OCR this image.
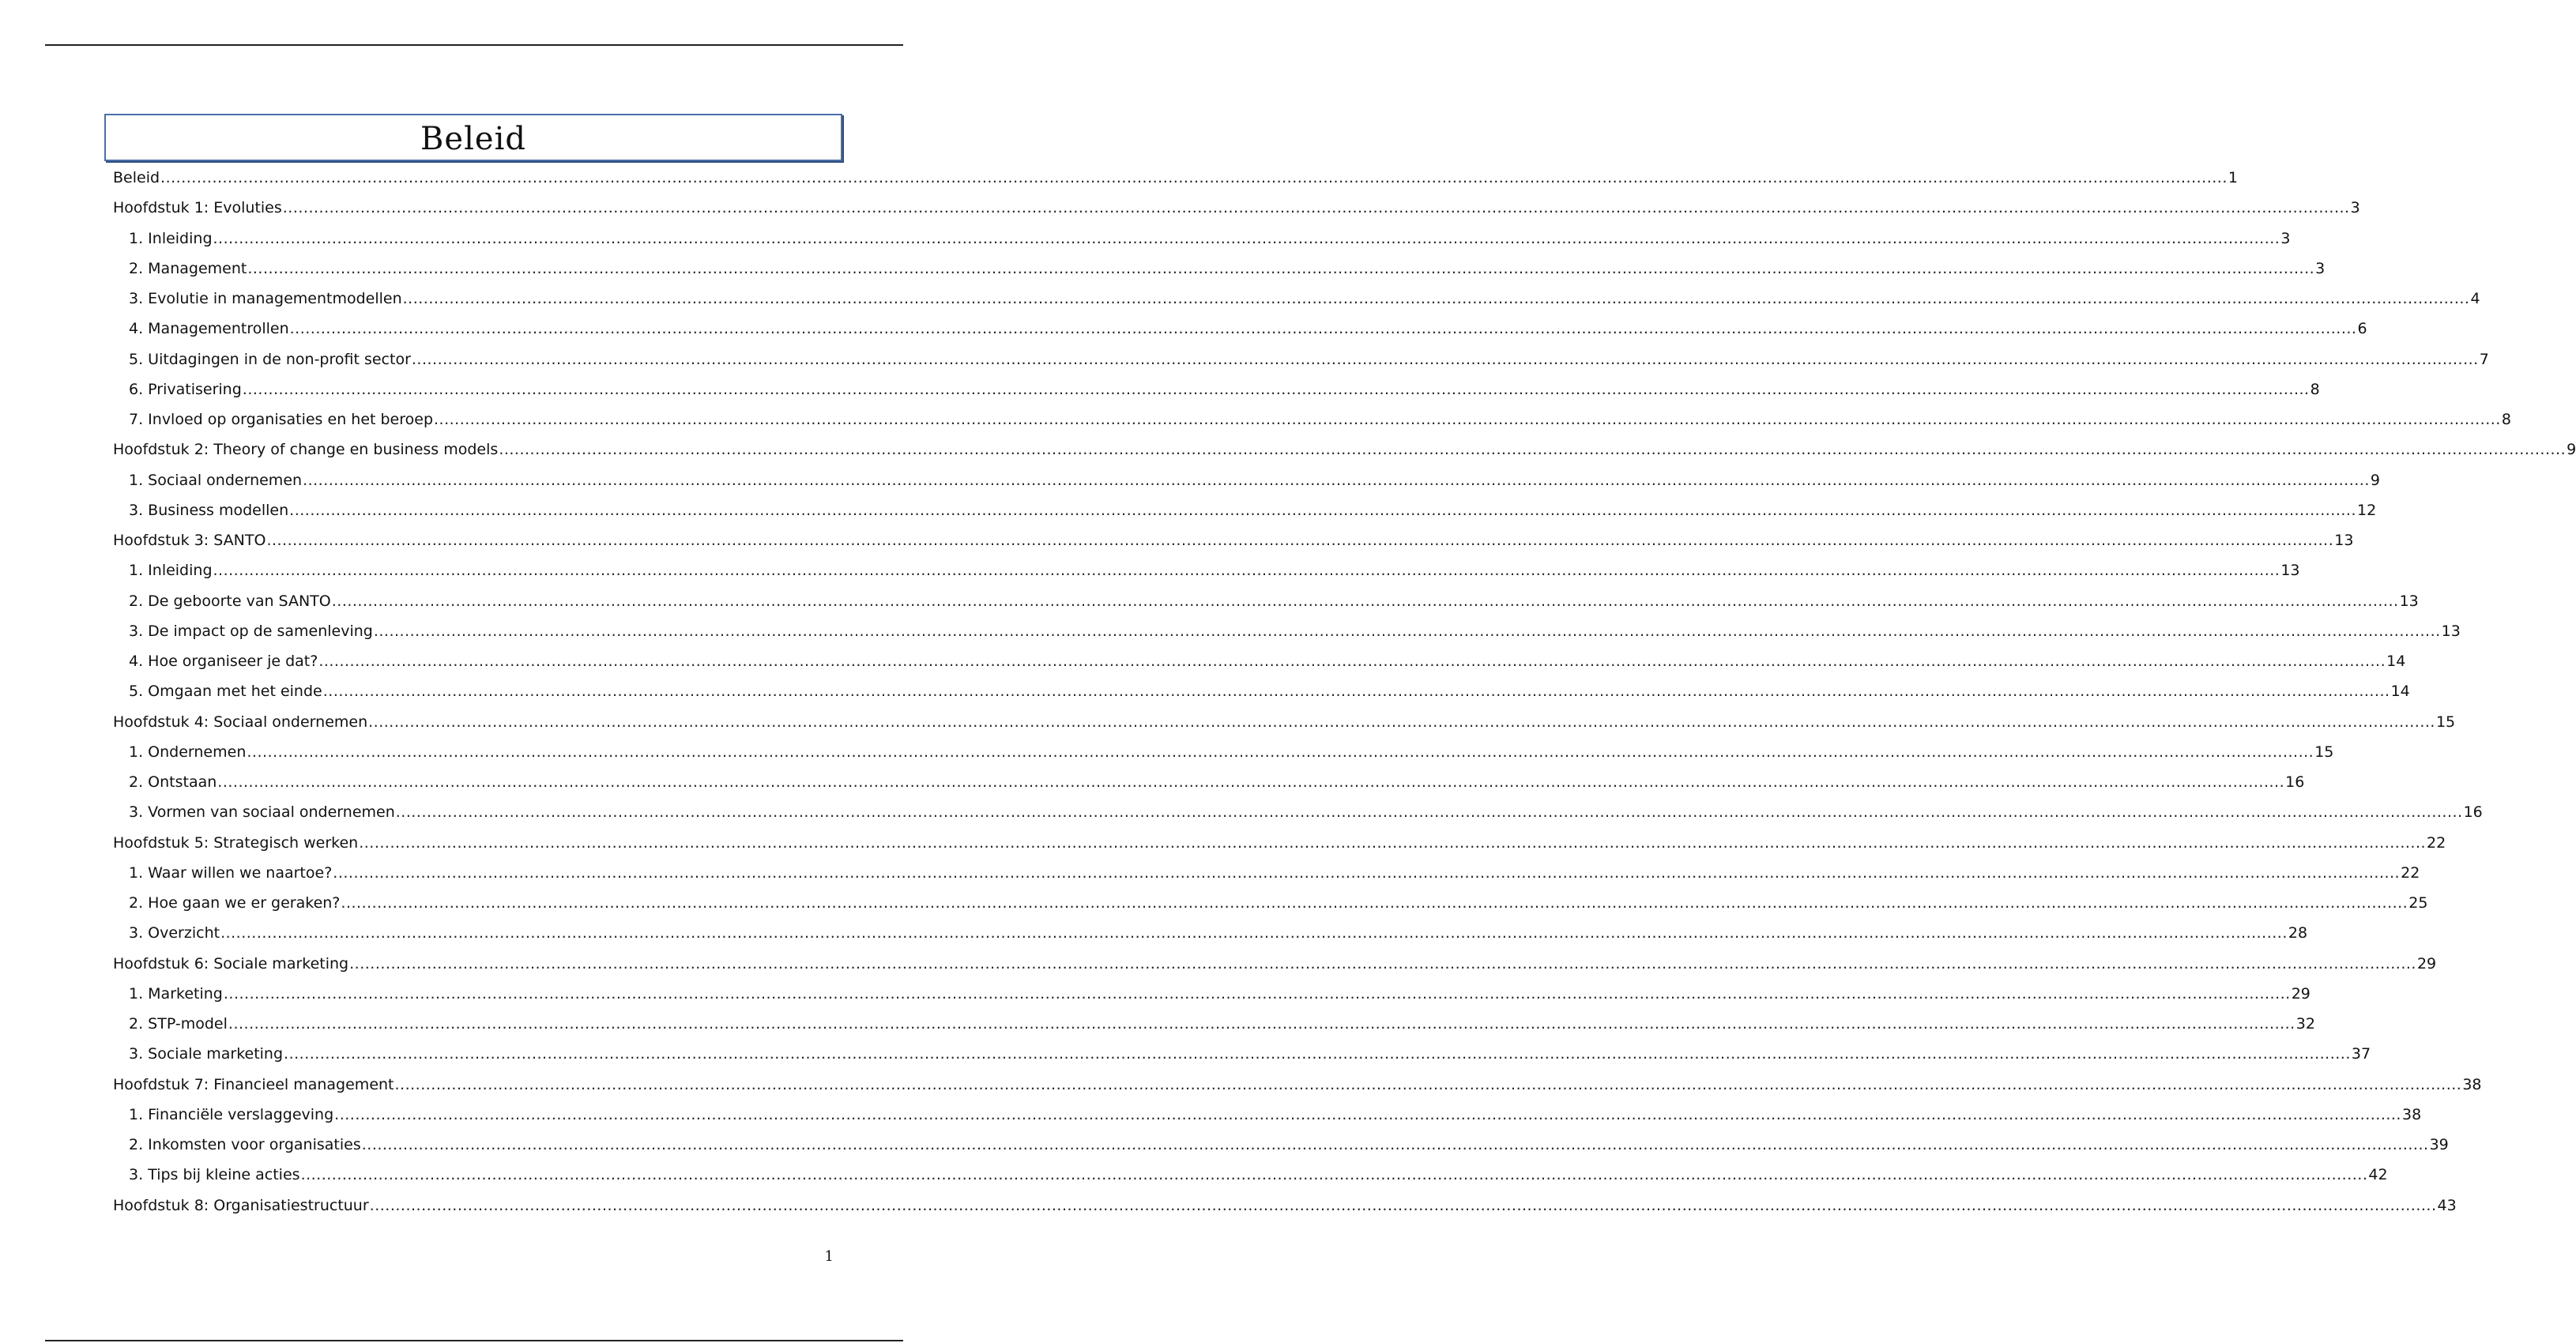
Beleid
Beleid ................................................................................................................................................................................................................................................................................................................................................................................................................ 1
Hoofdstuk 1: Evoluties ................................................................................................................................................................................................................................................................................................................................................................................................................ 3
1. Inleiding ................................................................................................................................................................................................................................................................................................................................................................................................................ 3
2. Management ................................................................................................................................................................................................................................................................................................................................................................................................................ 3
3. Evolutie in managementmodellen ................................................................................................................................................................................................................................................................................................................................................................................................................ 4
4. Managementrollen ................................................................................................................................................................................................................................................................................................................................................................................................................ 6
5. Uitdagingen in de non-profit sector ................................................................................................................................................................................................................................................................................................................................................................................................................ 7
6. Privatisering ................................................................................................................................................................................................................................................................................................................................................................................................................ 8
7. Invloed op organisaties en het beroep ................................................................................................................................................................................................................................................................................................................................................................................................................ 8
Hoofdstuk 2: Theory of change en business models ................................................................................................................................................................................................................................................................................................................................................................................................................ 9
1. Sociaal ondernemen ................................................................................................................................................................................................................................................................................................................................................................................................................ 9
3. Business modellen ................................................................................................................................................................................................................................................................................................................................................................................................................ 12
Hoofdstuk 3: SANTO ................................................................................................................................................................................................................................................................................................................................................................................................................ 13
1. Inleiding ................................................................................................................................................................................................................................................................................................................................................................................................................ 13
2. De geboorte van SANTO ................................................................................................................................................................................................................................................................................................................................................................................................................ 13
3. De impact op de samenleving ................................................................................................................................................................................................................................................................................................................................................................................................................ 13
4. Hoe organiseer je dat? ................................................................................................................................................................................................................................................................................................................................................................................................................ 14
5. Omgaan met het einde ................................................................................................................................................................................................................................................................................................................................................................................................................ 14
Hoofdstuk 4: Sociaal ondernemen ................................................................................................................................................................................................................................................................................................................................................................................................................ 15
1. Ondernemen ................................................................................................................................................................................................................................................................................................................................................................................................................ 15
2. Ontstaan ................................................................................................................................................................................................................................................................................................................................................................................................................ 16
3. Vormen van sociaal ondernemen ................................................................................................................................................................................................................................................................................................................................................................................................................ 16
Hoofdstuk 5: Strategisch werken ................................................................................................................................................................................................................................................................................................................................................................................................................ 22
1. Waar willen we naartoe? ................................................................................................................................................................................................................................................................................................................................................................................................................ 22
2. Hoe gaan we er geraken? ................................................................................................................................................................................................................................................................................................................................................................................................................ 25
3. Overzicht ................................................................................................................................................................................................................................................................................................................................................................................................................ 28
Hoofdstuk 6: Sociale marketing ................................................................................................................................................................................................................................................................................................................................................................................................................ 29
1. Marketing ................................................................................................................................................................................................................................................................................................................................................................................................................ 29
2. STP-model ................................................................................................................................................................................................................................................................................................................................................................................................................ 32
3. Sociale marketing ................................................................................................................................................................................................................................................................................................................................................................................................................ 37
Hoofdstuk 7: Financieel management ................................................................................................................................................................................................................................................................................................................................................................................................................ 38
1. Financiële verslaggeving ................................................................................................................................................................................................................................................................................................................................................................................................................ 38
2. Inkomsten voor organisaties ................................................................................................................................................................................................................................................................................................................................................................................................................ 39
3. Tips bij kleine acties ................................................................................................................................................................................................................................................................................................................................................................................................................ 42
Hoofdstuk 8: Organisatiestructuur ................................................................................................................................................................................................................................................................................................................................................................................................................ 43
1
